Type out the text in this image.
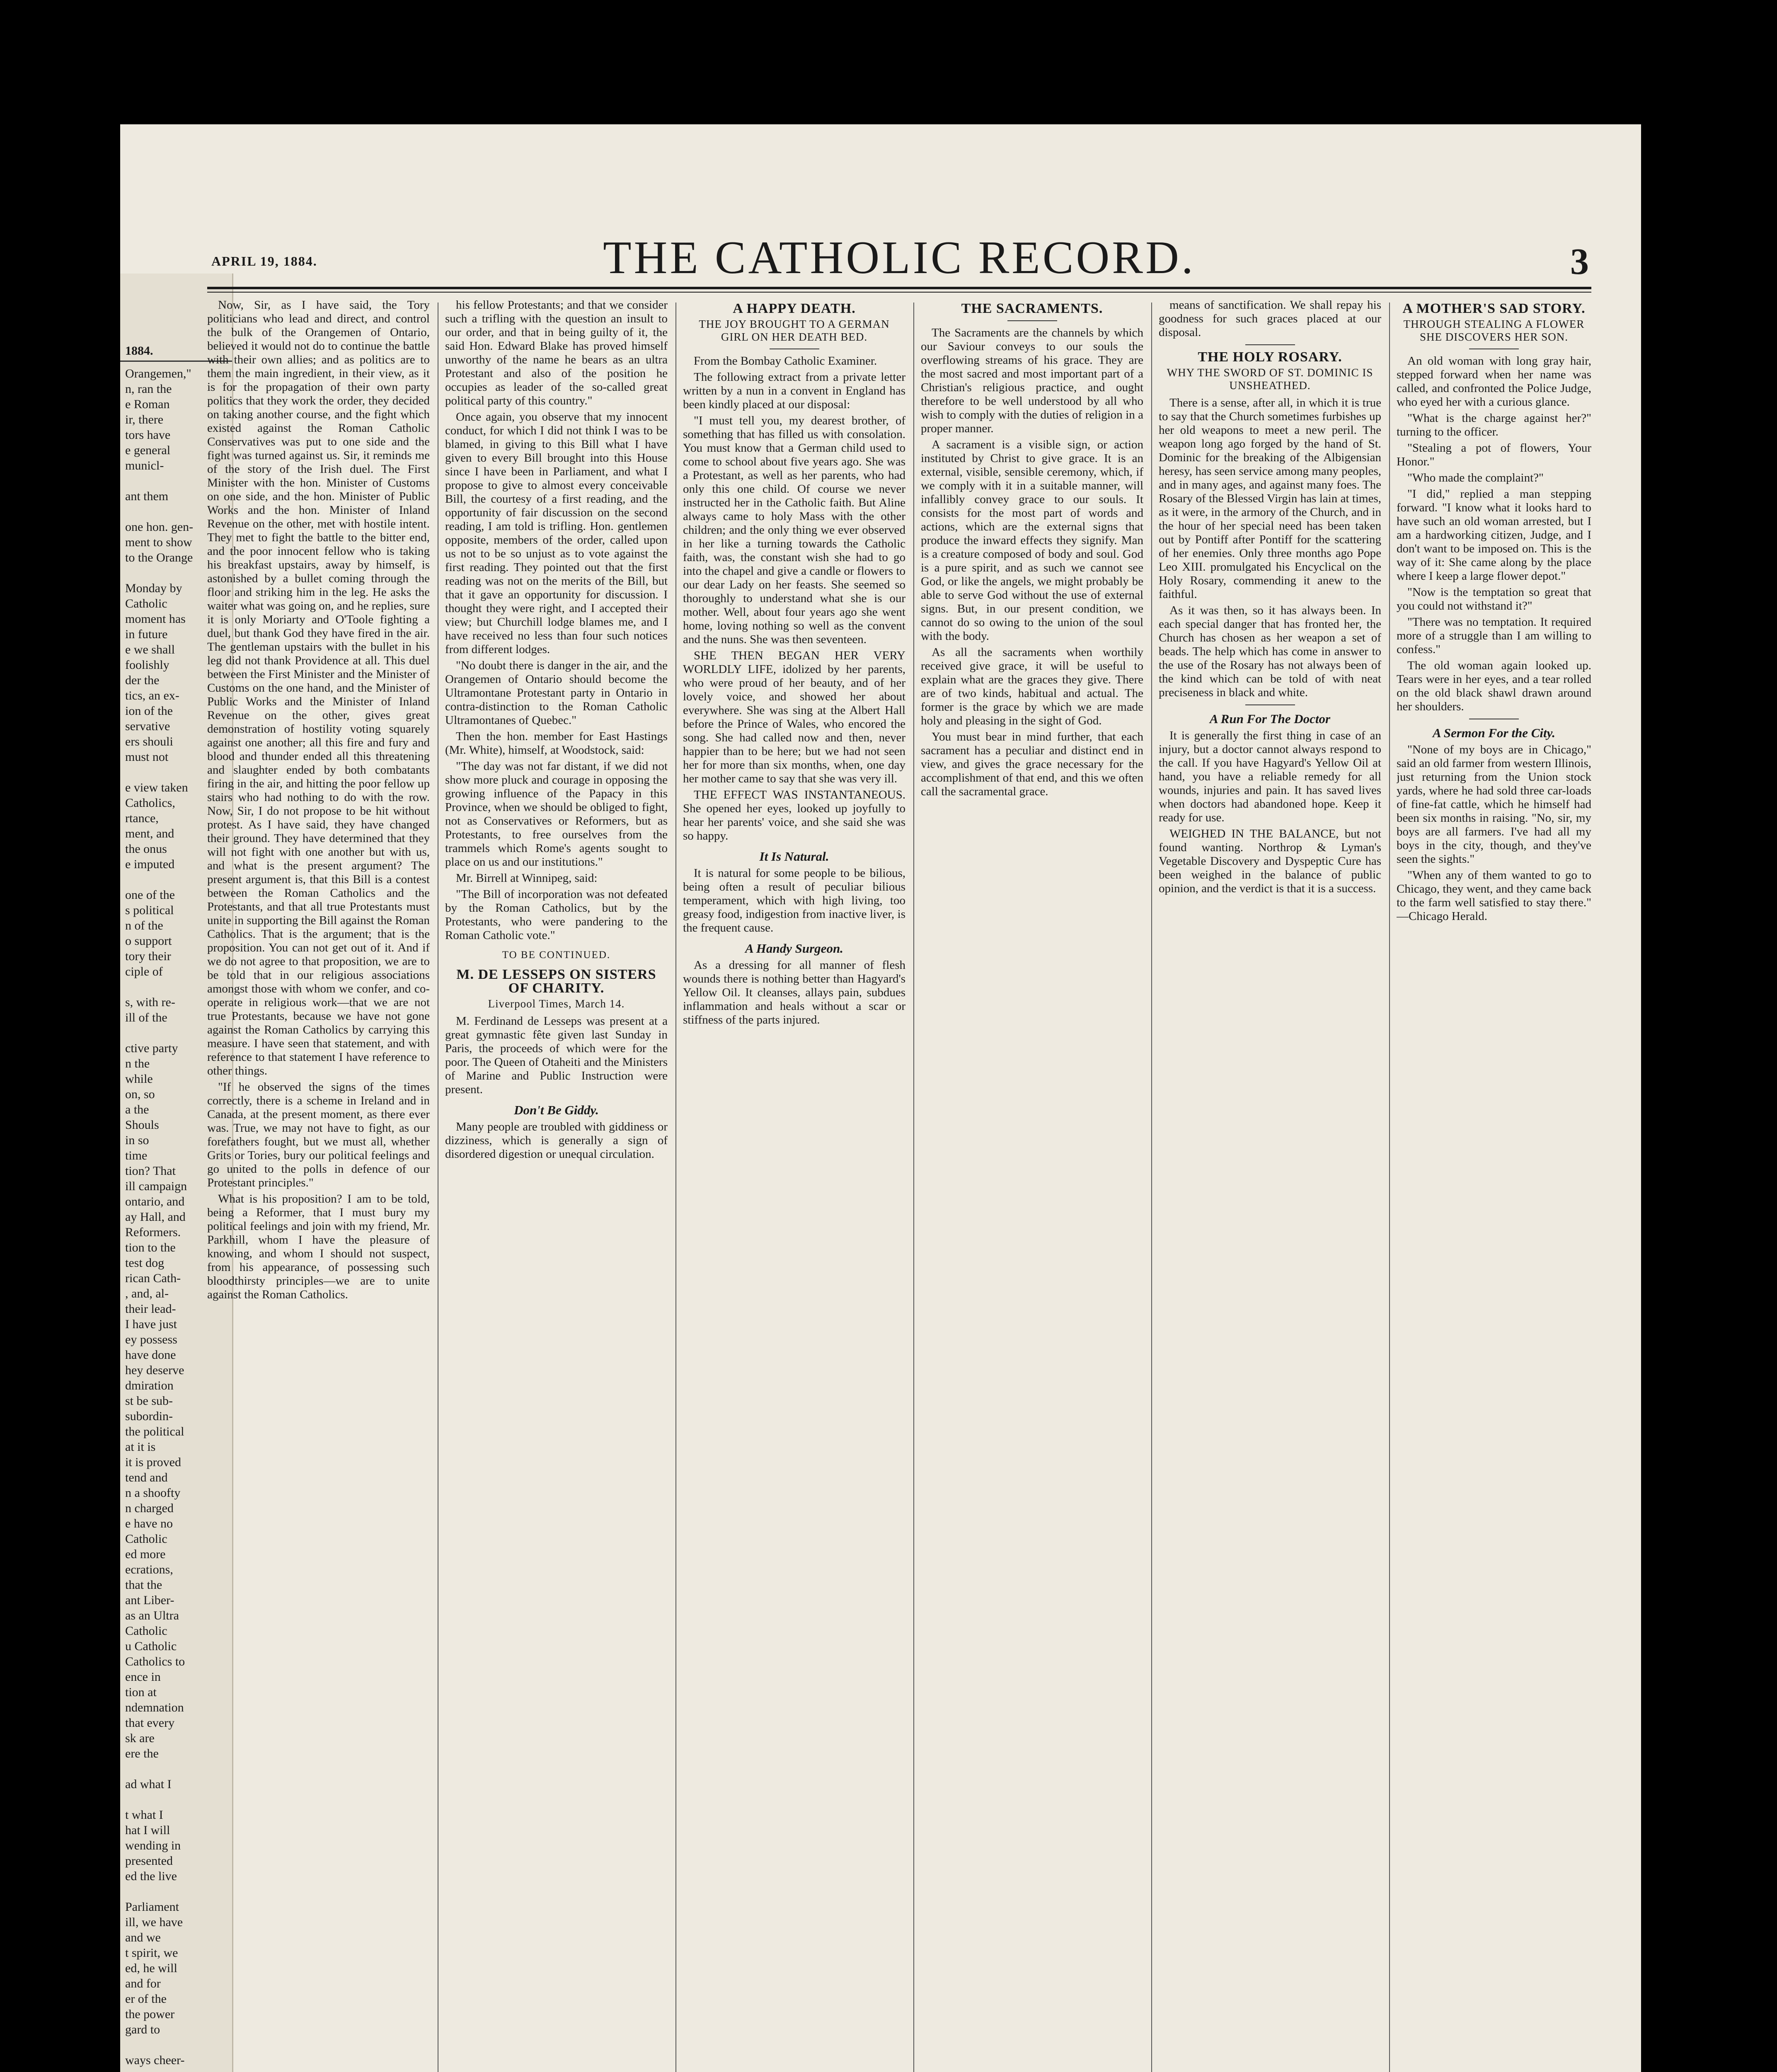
1884.
Orangemen,"
n, ran the
e Roman
ir, there
tors have
e general
municl-

ant them

one hon. gen-
ment to show
to the Orange

Monday by
Catholic
moment has
in future
e we shall
foolishly
der the
tics, an ex-
ion of the
servative
ers shouli
must not

e view taken
Catholics,
rtance,
ment, and
the onus
e imputed

one of the
s political
n of the
o support
tory their
ciple of

s, with re-
ill of the

ctive party
n the
while
on, so
a the
Shouls
in so
time
tion? That
ill campaign
ontario, and
ay Hall, and
Reformers.
tion to the
test dog
rican Cath-
, and, al-
their lead-
I have just
ey possess
have done
hey deserve
dmiration
st be sub-
subordin-
the political
at it is
it is proved
tend and
n a shoofty
n charged
e have no
Catholic
ed more
ecrations,
that the
ant Liber-
as an Ultra
Catholic
u Catholic
Catholics to
ence in
tion at
ndemnation
that every
sk are
ere the

ad what I

t what I
hat I will
wending in
presented
ed the live

Parliament
ill, we have
and we
t spirit, we
ed, he will
and for
er of the
the power
gard to

ways cheer-

APRIL 19, 1884.	THE CATHOLIC RECORD.	3

Now, Sir, as I have said, the Tory politicians who lead and direct, and control the bulk of the Orangemen of Ontario, believed it would not do to continue the battle with their own allies; and as politics are to them the main ingredient, in their view, as it is for the propagation of their own party politics that they work the order, they decided on taking another course, and the fight which existed against the Roman Catholic Conservatives was put to one side and the fight was turned against us. Sir, it reminds me of the story of the Irish duel. The First Minister with the hon. Minister of Customs on one side, and the hon. Minister of Public Works and the hon. Minister of Inland Revenue on the other, met with hostile intent. They met to fight the battle to the bitter end, and the poor innocent fellow who is taking his breakfast upstairs, away by himself, is astonished by a bullet coming through the floor and striking him in the leg. He asks the waiter what was going on, and he replies, sure it is only Moriarty and O'Toole fighting a duel, but thank God they have fired in the air. The gentleman upstairs with the bullet in his leg did not thank Providence at all. This duel between the First Minister and the Minister of Customs on the one hand, and the Minister of Public Works and the Minister of Inland Revenue on the other, gives great demonstration of hostility voting squarely against one another; all this fire and fury and blood and thunder ended all this threatening and slaughter ended by both combatants firing in the air, and hitting the poor fellow up stairs who had nothing to do with the row. Now, Sir, I do not propose to be hit without protest. As I have said, they have changed their ground. They have determined that they will not fight with one another but with us, and what is the present argument? The present argument is, that this Bill is a contest between the Roman Catholics and the Protestants, and that all true Protestants must unite in supporting the Bill against the Roman Catholics. That is the argument; that is the proposition. You can not get out of it. And if we do not agree to that proposition, we are to be told that in our religious associations amongst those with whom we confer, and co-operate in religious work—that we are not true Protestants, because we have not gone against the Roman Catholics by carrying this measure. I have seen that statement, and with reference to that statement I have reference to other things.

"If he observed the signs of the times correctly, there is a scheme in Ireland and in Canada, at the present moment, as there ever was. True, we may not have to fight, as our forefathers fought, but we must all, whether Grits or Tories, bury our political feelings and go united to the polls in defence of our Protestant principles."

What is his proposition? I am to be told, being a Reformer, that I must bury my political feelings and join with my friend, Mr. Parkhill, whom I have the pleasure of knowing, and whom I should not suspect, from his appearance, of possessing such bloodthirsty principles—we are to unite against the Roman Catholics.

his fellow Protestants; and that we consider such a trifling with the question an insult to our order, and that in being guilty of it, the said Hon. Edward Blake has proved himself unworthy of the name he bears as an ultra Protestant and also of the position he occupies as leader of the so-called great political party of this country."

Once again, you observe that my innocent conduct, for which I did not think I was to be blamed, in giving to this Bill what I have given to every Bill brought into this House since I have been in Parliament, and what I propose to give to almost every conceivable Bill, the courtesy of a first reading, and the opportunity of fair discussion on the second reading, I am told is trifling. Hon. gentlemen opposite, members of the order, called upon us not to be so unjust as to vote against the first reading. They pointed out that the first reading was not on the merits of the Bill, but that it gave an opportunity for discussion. I thought they were right, and I accepted their view; but Churchill lodge blames me, and I have received no less than four such notices from different lodges.

"No doubt there is danger in the air, and the Orangemen of Ontario should become the Ultramontane Protestant party in Ontario in contra-distinction to the Roman Catholic Ultramontanes of Quebec."

Then the hon. member for East Hastings (Mr. White), himself, at Woodstock, said:

"The day was not far distant, if we did not show more pluck and courage in opposing the growing influence of the Papacy in this Province, when we should be obliged to fight, not as Conservatives or Reformers, but as Protestants, to free ourselves from the trammels which Rome's agents sought to place on us and our institutions."

Mr. Birrell at Winnipeg, said:

"The Bill of incorporation was not defeated by the Roman Catholics, but by the Protestants, who were pandering to the Roman Catholic vote."

TO BE CONTINUED.
M. DE LESSEPS ON SISTERS OF CHARITY.
Liverpool Times, March 14.

M. Ferdinand de Lesseps was present at a great gymnastic fête given last Sunday in Paris, the proceeds of which were for the poor. The Queen of Otaheiti and the Ministers of Marine and Public Instruction were present.

Don't Be Giddy.

Many people are troubled with giddiness or dizziness, which is generally a sign of disordered digestion or unequal circulation.

A HAPPY DEATH.
THE JOY BROUGHT TO A GERMAN GIRL ON HER DEATH BED.

From the Bombay Catholic Examiner.

The following extract from a private letter written by a nun in a convent in England has been kindly placed at our disposal:

"I must tell you, my dearest brother, of something that has filled us with consolation. You must know that a German child used to come to school about five years ago. She was a Protestant, as well as her parents, who had only this one child. Of course we never instructed her in the Catholic faith. But Aline always came to holy Mass with the other children; and the only thing we ever observed in her like a turning towards the Catholic faith, was, the constant wish she had to go into the chapel and give a candle or flowers to our dear Lady on her feasts. She seemed so thoroughly to understand what she is our mother. Well, about four years ago she went home, loving nothing so well as the convent and the nuns. She was then seventeen.

SHE THEN BEGAN HER VERY WORLDLY LIFE, idolized by her parents, who were proud of her beauty, and of her lovely voice, and showed her about everywhere. She was sing at the Albert Hall before the Prince of Wales, who encored the song. She had called now and then, never happier than to be here; but we had not seen her for more than six months, when, one day her mother came to say that she was very ill.

THE EFFECT WAS INSTANTANEOUS. She opened her eyes, looked up joyfully to hear her parents' voice, and she said she was so happy.

It Is Natural.

It is natural for some people to be bilious, being often a result of peculiar bilious temperament, which with high living, too greasy food, indigestion from inactive liver, is the frequent cause.

A Handy Surgeon.

As a dressing for all manner of flesh wounds there is nothing better than Hagyard's Yellow Oil. It cleanses, allays pain, subdues inflammation and heals without a scar or stiffness of the parts injured.

THE SACRAMENTS.

The Sacraments are the channels by which our Saviour conveys to our souls the overflowing streams of his grace. They are the most sacred and most important part of a Christian's religious practice, and ought therefore to be well understood by all who wish to comply with the duties of religion in a proper manner.

A sacrament is a visible sign, or action instituted by Christ to give grace. It is an external, visible, sensible ceremony, which, if we comply with it in a suitable manner, will infallibly convey grace to our souls. It consists for the most part of words and actions, which are the external signs that produce the inward effects they signify. Man is a creature composed of body and soul. God is a pure spirit, and as such we cannot see God, or like the angels, we might probably be able to serve God without the use of external signs. But, in our present condition, we cannot do so owing to the union of the soul with the body.

As all the sacraments when worthily received give grace, it will be useful to explain what are the graces they give. There are of two kinds, habitual and actual. The former is the grace by which we are made holy and pleasing in the sight of God.

You must bear in mind further, that each sacrament has a peculiar and distinct end in view, and gives the grace necessary for the accomplishment of that end, and this we often call the sacramental grace.

means of sanctification. We shall repay his goodness for such graces placed at our disposal.

THE HOLY ROSARY.
WHY THE SWORD OF ST. DOMINIC IS UNSHEATHED.

There is a sense, after all, in which it is true to say that the Church sometimes furbishes up her old weapons to meet a new peril. The weapon long ago forged by the hand of St. Dominic for the breaking of the Albigensian heresy, has seen service among many peoples, and in many ages, and against many foes. The Rosary of the Blessed Virgin has lain at times, as it were, in the armory of the Church, and in the hour of her special need has been taken out by Pontiff after Pontiff for the scattering of her enemies. Only three months ago Pope Leo XIII. promulgated his Encyclical on the Holy Rosary, commending it anew to the faithful.

As it was then, so it has always been. In each special danger that has fronted her, the Church has chosen as her weapon a set of beads. The help which has come in answer to the use of the Rosary has not always been of the kind which can be told of with neat preciseness in black and white.

A Run For The Doctor

It is generally the first thing in case of an injury, but a doctor cannot always respond to the call. If you have Hagyard's Yellow Oil at hand, you have a reliable remedy for all wounds, injuries and pain. It has saved lives when doctors had abandoned hope. Keep it ready for use.

WEIGHED IN THE BALANCE, but not found wanting. Northrop & Lyman's Vegetable Discovery and Dyspeptic Cure has been weighed in the balance of public opinion, and the verdict is that it is a success.

A MOTHER'S SAD STORY.
THROUGH STEALING A FLOWER SHE DISCOVERS HER SON.

An old woman with long gray hair, stepped forward when her name was called, and confronted the Police Judge, who eyed her with a curious glance.

"What is the charge against her?" turning to the officer.

"Stealing a pot of flowers, Your Honor."

"Who made the complaint?"

"I did," replied a man stepping forward. "I know what it looks hard to have such an old woman arrested, but I am a hardworking citizen, Judge, and I don't want to be imposed on. This is the way of it: She came along by the place where I keep a large flower depot."

"Now is the temptation so great that you could not withstand it?"

"There was no temptation. It required more of a struggle than I am willing to confess."

The old woman again looked up. Tears were in her eyes, and a tear rolled on the old black shawl drawn around her shoulders.

A Sermon For the City.

"None of my boys are in Chicago," said an old farmer from western Illinois, just returning from the Union stock yards, where he had sold three car-loads of fine-fat cattle, which he himself had been six months in raising. "No, sir, my boys are all farmers. I've had all my boys in the city, though, and they've seen the sights."

"When any of them wanted to go to Chicago, they went, and they came back to the farm well satisfied to stay there." —Chicago Herald.
